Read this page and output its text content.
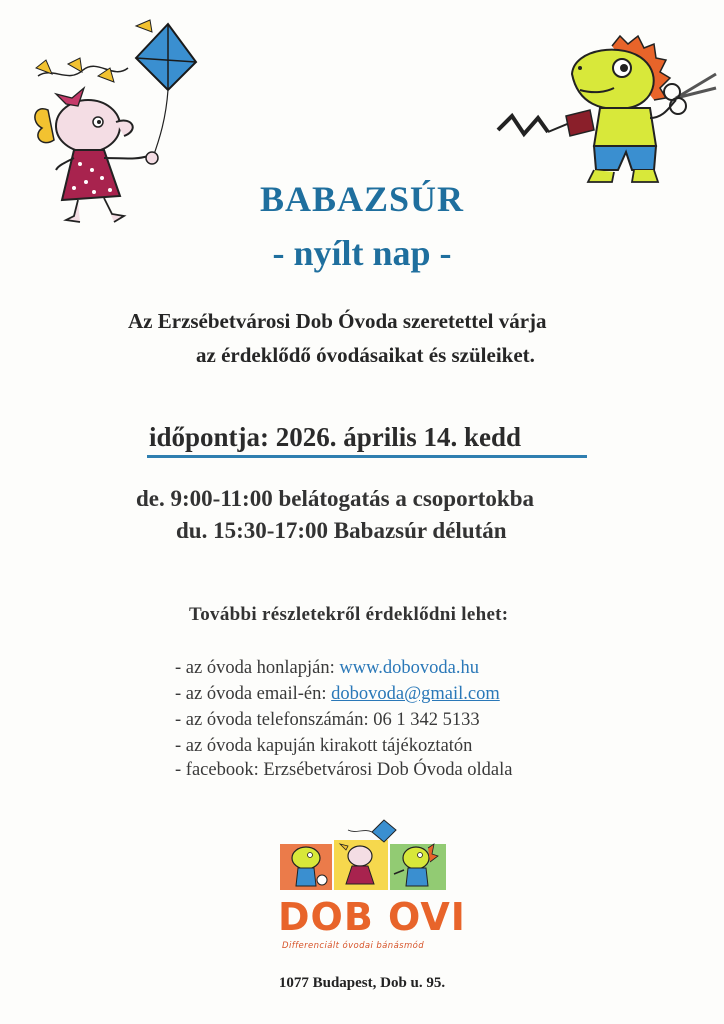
BABAZSÚR
- nyílt nap -
Az Erzsébetvárosi Dob Óvoda szeretettel várja
az érdeklődő óvodásaikat és szüleiket.
időpontja: 2026. április 14. kedd
de. 9:00-11:00 belátogatás a csoportokba
du. 15:30-17:00 Babazsúr délután
További részletekről érdeklődni lehet:
- az óvoda honlapján: www.dobovoda.hu
- az óvoda email-én: dobovoda@gmail.com
- az óvoda telefonszámán: 06 1 342 5133
- az óvoda kapuján kirakott tájékoztatón
- facebook: Erzsébetvárosi Dob Óvoda oldala
DOB OVI
Differenciált óvodai bánásmód
1077 Budapest, Dob u. 95.
